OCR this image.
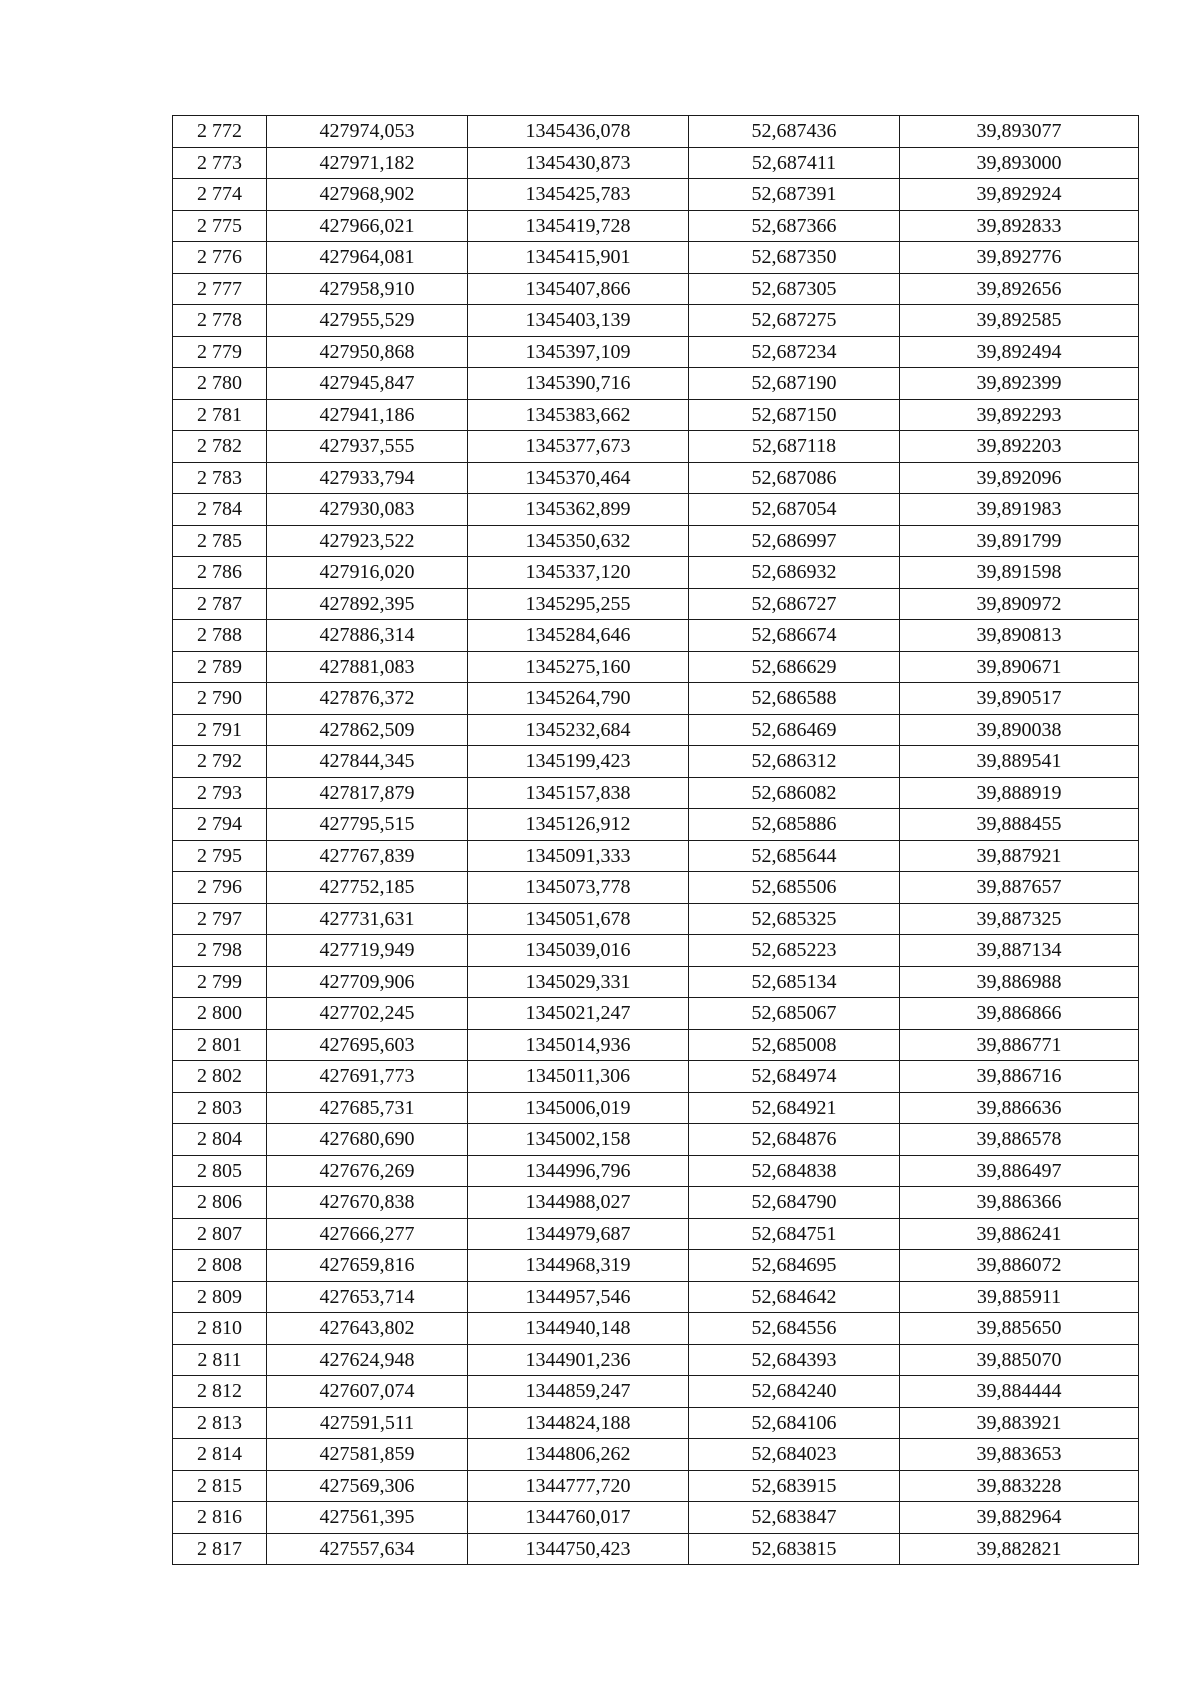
2 772	427974,053	1345436,078	52,687436	39,893077
2 773	427971,182	1345430,873	52,687411	39,893000
2 774	427968,902	1345425,783	52,687391	39,892924
2 775	427966,021	1345419,728	52,687366	39,892833
2 776	427964,081	1345415,901	52,687350	39,892776
2 777	427958,910	1345407,866	52,687305	39,892656
2 778	427955,529	1345403,139	52,687275	39,892585
2 779	427950,868	1345397,109	52,687234	39,892494
2 780	427945,847	1345390,716	52,687190	39,892399
2 781	427941,186	1345383,662	52,687150	39,892293
2 782	427937,555	1345377,673	52,687118	39,892203
2 783	427933,794	1345370,464	52,687086	39,892096
2 784	427930,083	1345362,899	52,687054	39,891983
2 785	427923,522	1345350,632	52,686997	39,891799
2 786	427916,020	1345337,120	52,686932	39,891598
2 787	427892,395	1345295,255	52,686727	39,890972
2 788	427886,314	1345284,646	52,686674	39,890813
2 789	427881,083	1345275,160	52,686629	39,890671
2 790	427876,372	1345264,790	52,686588	39,890517
2 791	427862,509	1345232,684	52,686469	39,890038
2 792	427844,345	1345199,423	52,686312	39,889541
2 793	427817,879	1345157,838	52,686082	39,888919
2 794	427795,515	1345126,912	52,685886	39,888455
2 795	427767,839	1345091,333	52,685644	39,887921
2 796	427752,185	1345073,778	52,685506	39,887657
2 797	427731,631	1345051,678	52,685325	39,887325
2 798	427719,949	1345039,016	52,685223	39,887134
2 799	427709,906	1345029,331	52,685134	39,886988
2 800	427702,245	1345021,247	52,685067	39,886866
2 801	427695,603	1345014,936	52,685008	39,886771
2 802	427691,773	1345011,306	52,684974	39,886716
2 803	427685,731	1345006,019	52,684921	39,886636
2 804	427680,690	1345002,158	52,684876	39,886578
2 805	427676,269	1344996,796	52,684838	39,886497
2 806	427670,838	1344988,027	52,684790	39,886366
2 807	427666,277	1344979,687	52,684751	39,886241
2 808	427659,816	1344968,319	52,684695	39,886072
2 809	427653,714	1344957,546	52,684642	39,885911
2 810	427643,802	1344940,148	52,684556	39,885650
2 811	427624,948	1344901,236	52,684393	39,885070
2 812	427607,074	1344859,247	52,684240	39,884444
2 813	427591,511	1344824,188	52,684106	39,883921
2 814	427581,859	1344806,262	52,684023	39,883653
2 815	427569,306	1344777,720	52,683915	39,883228
2 816	427561,395	1344760,017	52,683847	39,882964
2 817	427557,634	1344750,423	52,683815	39,882821
